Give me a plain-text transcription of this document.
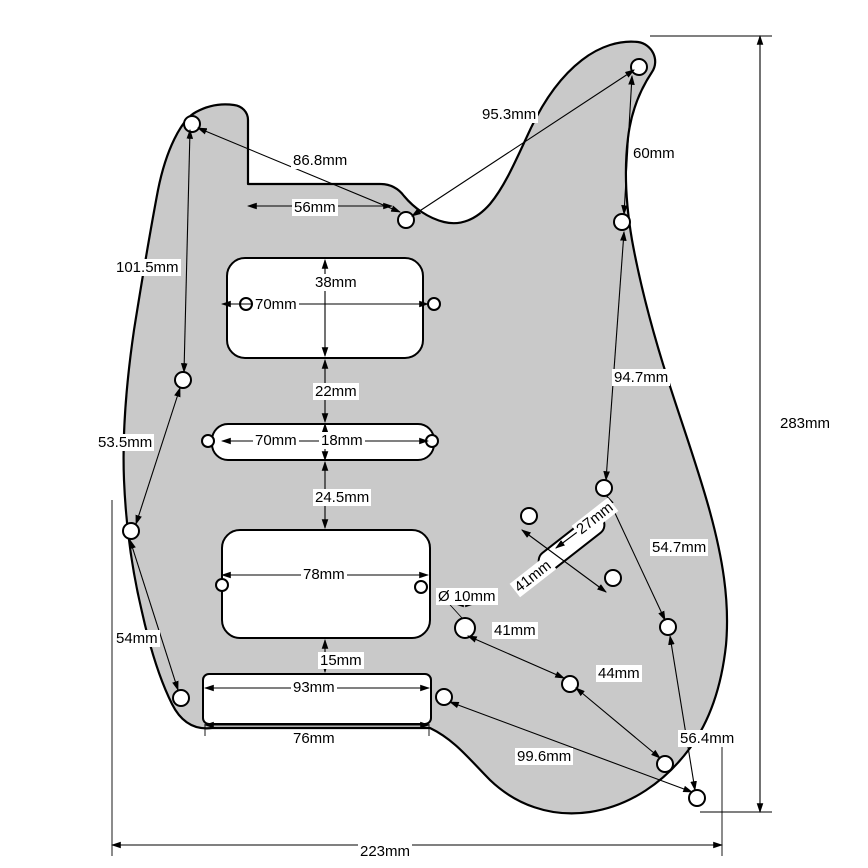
283mm
223mm
95.3mm
86.8mm
56mm
60mm
101.5mm
53.5mm
54mm
94.7mm
54.7mm
56.4mm
70mm
38mm
22mm
70mm 18mm
24.5mm
78mm
15mm
93mm
76mm
Ø 10mm
27mm
41mm
41mm
44mm
99.6mm
